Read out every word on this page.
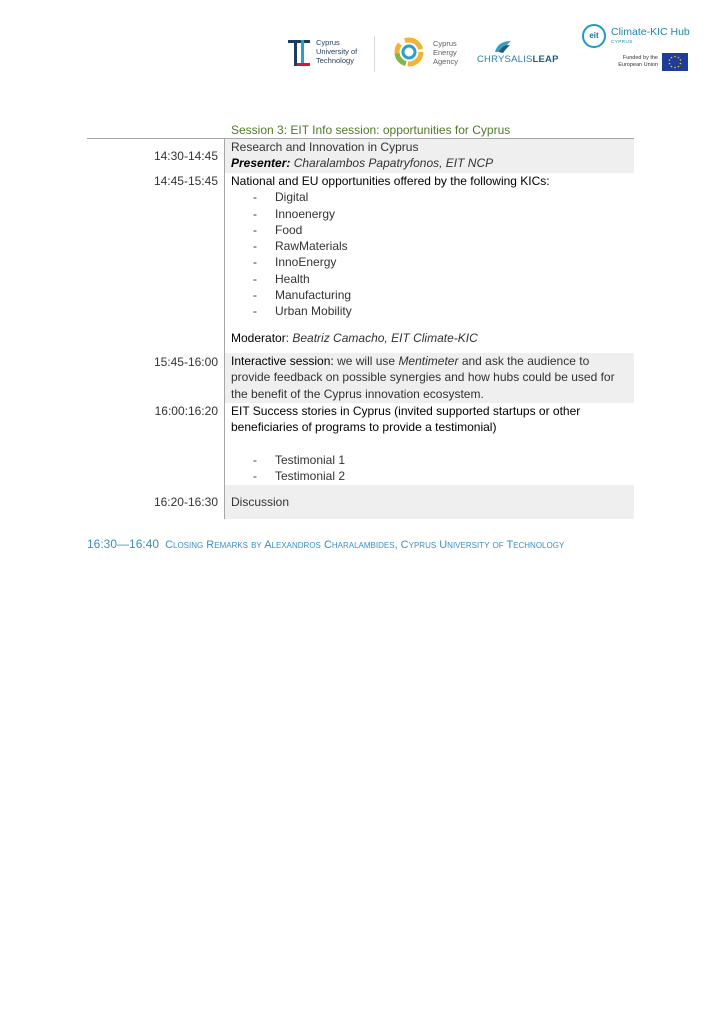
Cyprus
University of
Technology
Cyprus
Energy
Agency CHRYSALISLEAP
eit	Climate-KIC Hub
CYPRUS
Funded by the
European Union
Session 3: EIT Info session: opportunities for Cyprus
14:30-14:45
Research and Innovation in Cyprus
Presenter: Charalambos Papatryfonos, EIT NCP
14:45-15:45 National and EU opportunities offered by the following KICs:
- Digital
- Innoenergy
- Food
- RawMaterials
- InnoEnergy
- Health
- Manufacturing
- Urban Mobility
Moderator: Beatriz Camacho, EIT Climate-KIC
15:45-16:00 Interactive session: we will use Mentimeter and ask the audience to
provide feedback on possible synergies and how hubs could be used for
the benefit of the Cyprus innovation ecosystem.
16:00:16:20 EIT Success stories in Cyprus (invited supported startups or other
beneficiaries of programs to provide a testimonial)
- Testimonial 1
- Testimonial 2
16:20-16:30 Discussion
16:30—16:40 Closing Remarks by Alexandros Charalambides, Cyprus University of Technology
